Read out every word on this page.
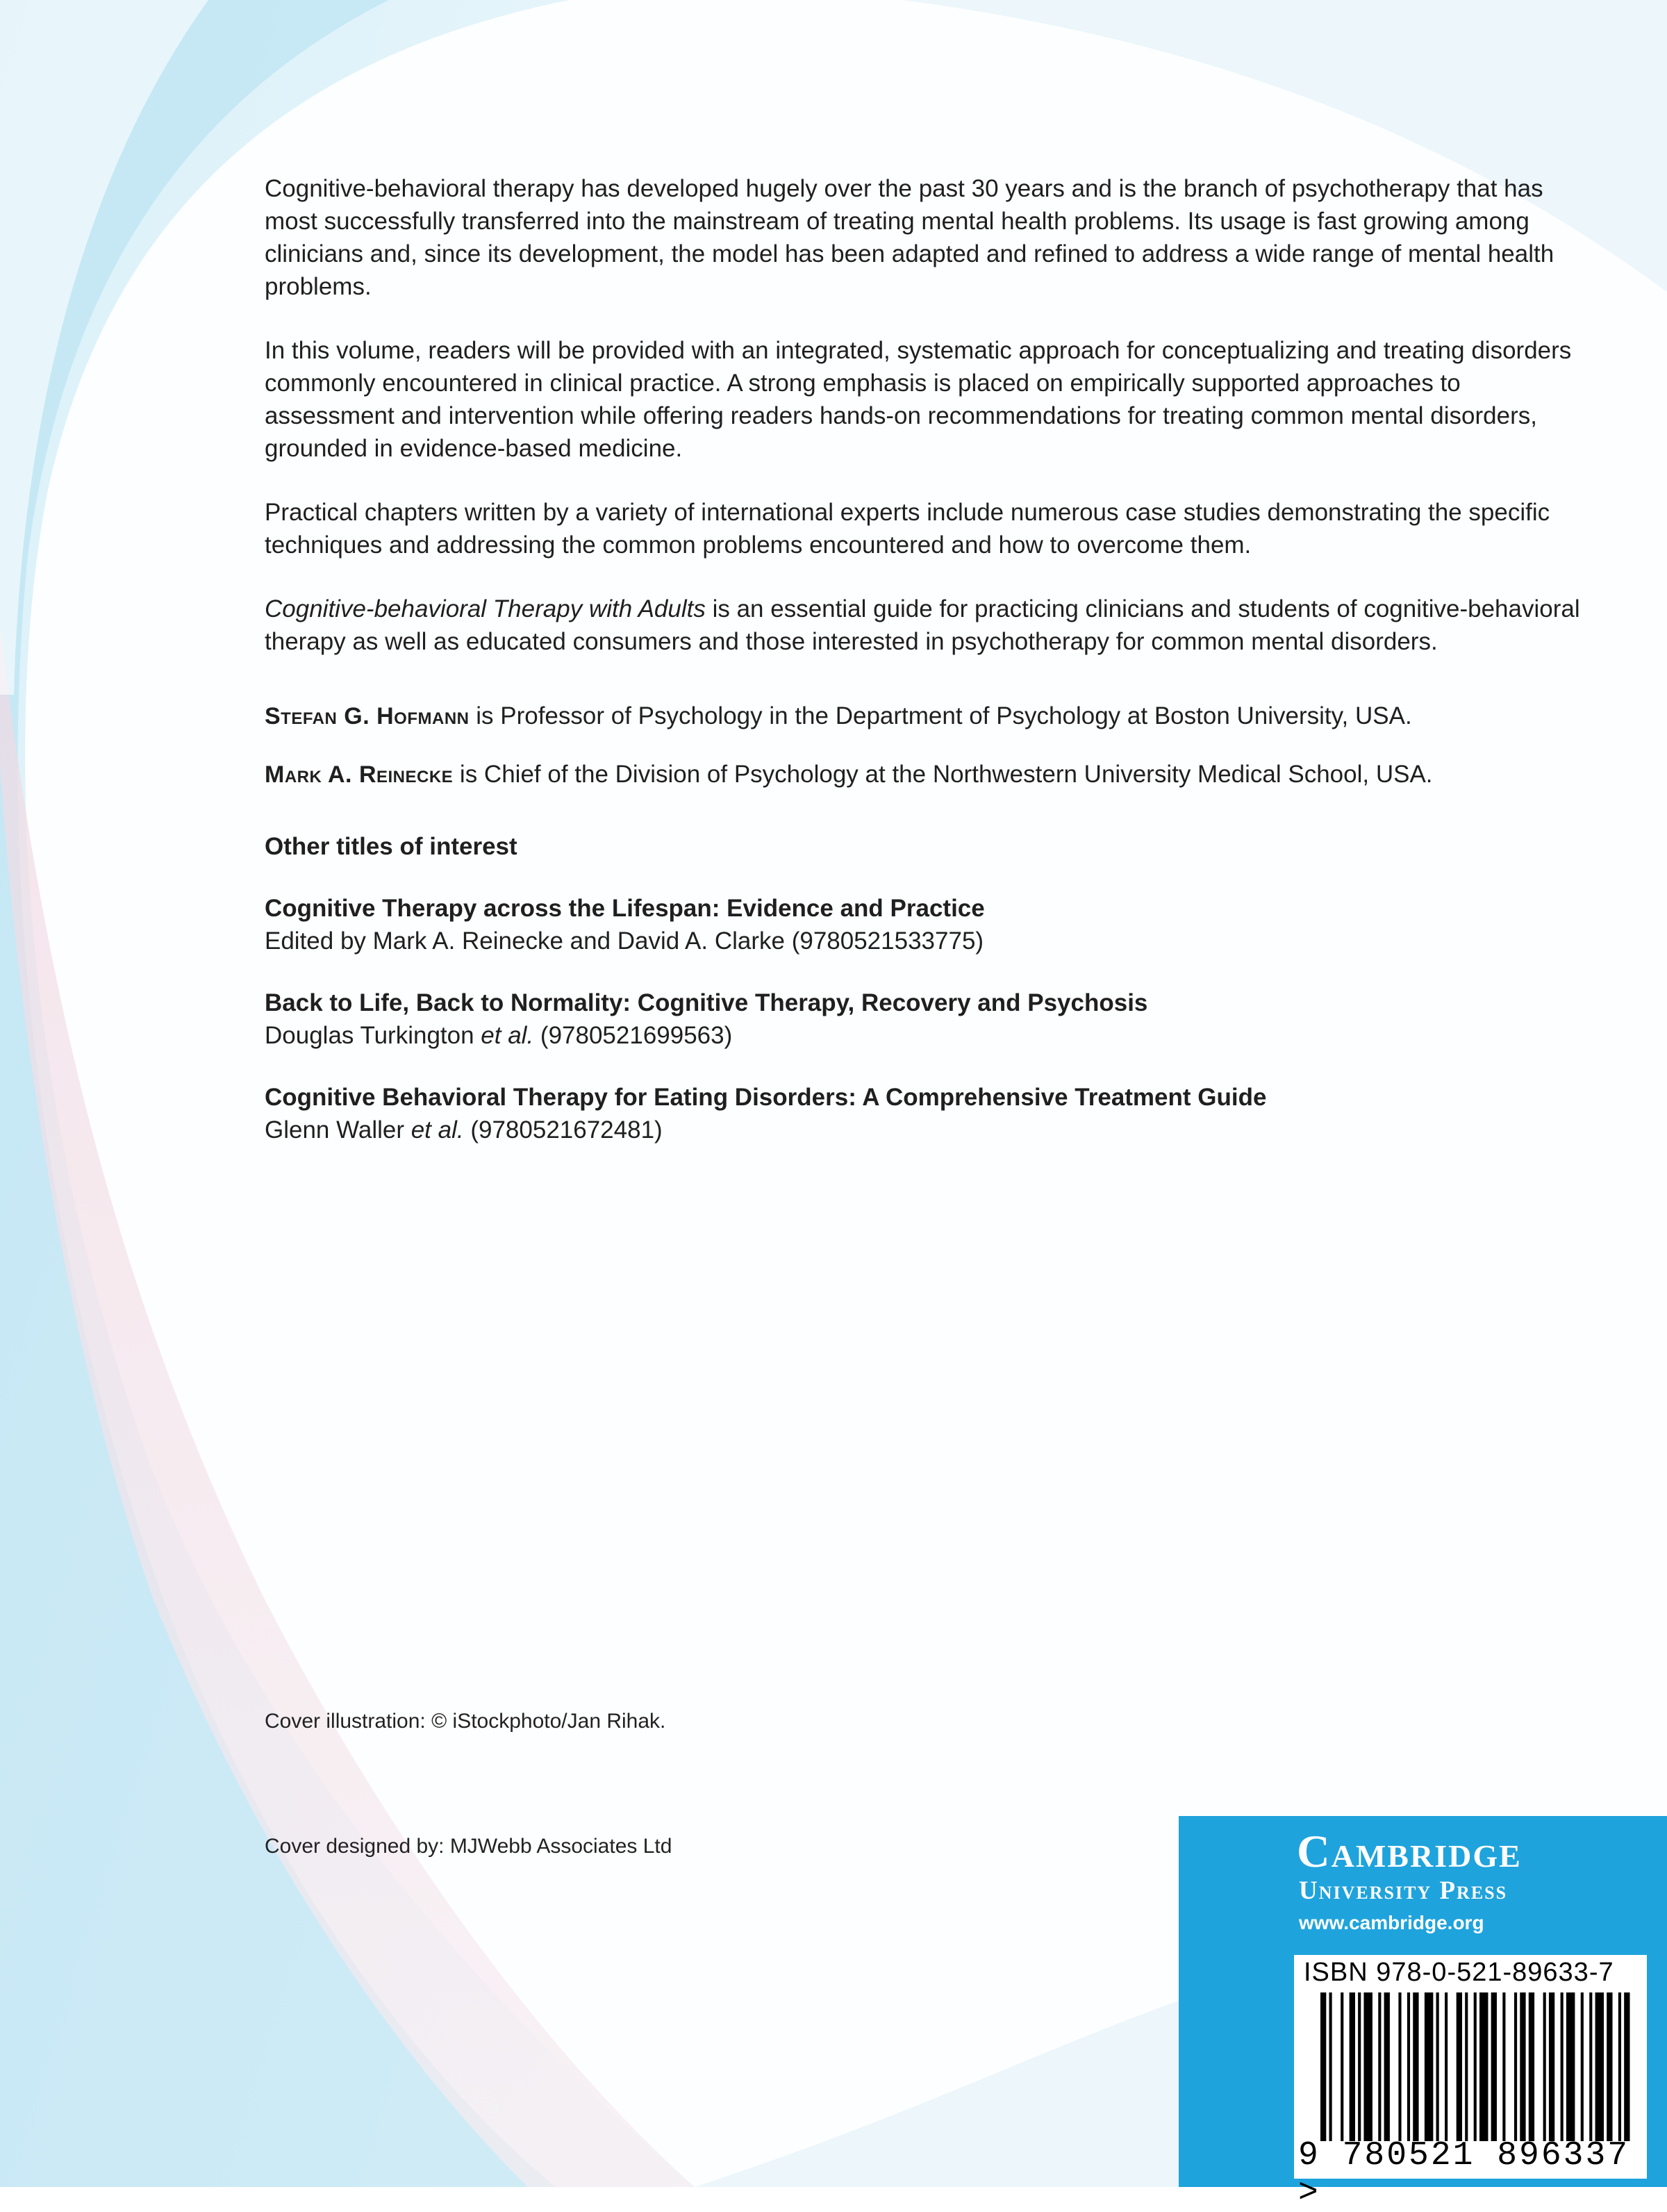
Cognitive-behavioral therapy has developed hugely over the past 30 years and is the branch of psychotherapy that has most successfully transferred into the mainstream of treating mental health problems. Its usage is fast growing among clinicians and, since its development, the model has been adapted and refined to address a wide range of mental health problems.

In this volume, readers will be provided with an integrated, systematic approach for conceptualizing and treating disorders commonly encountered in clinical practice. A strong emphasis is placed on empirically supported approaches to assessment and intervention while offering readers hands-on recommendations for treating common mental disorders, grounded in evidence-based medicine.

Practical chapters written by a variety of international experts include numerous case studies demonstrating the specific techniques and addressing the common problems encountered and how to overcome them.

Cognitive-behavioral Therapy with Adults is an essential guide for practicing clinicians and students of cognitive-behavioral therapy as well as educated consumers and those interested in psychotherapy for common mental disorders.

Stefan G. Hofmann is Professor of Psychology in the Department of Psychology at Boston University, USA.

Mark A. Reinecke is Chief of the Division of Psychology at the Northwestern University Medical School, USA.

Other titles of interest

Cognitive Therapy across the Lifespan: Evidence and Practice
Edited by Mark A. Reinecke and David A. Clarke (9780521533775)
Back to Life, Back to Normality: Cognitive Therapy, Recovery and Psychosis
Douglas Turkington et al. (9780521699563)
Cognitive Behavioral Therapy for Eating Disorders: A Comprehensive Treatment Guide
Glenn Waller et al. (9780521672481)
Cover illustration: © iStockphoto/Jan Rihak.
Cover designed by: MJWebb Associates Ltd	Cambridge
University Press
www.cambridge.org
ISBN 978-0-521-89633-7
9 780521 896337 >
